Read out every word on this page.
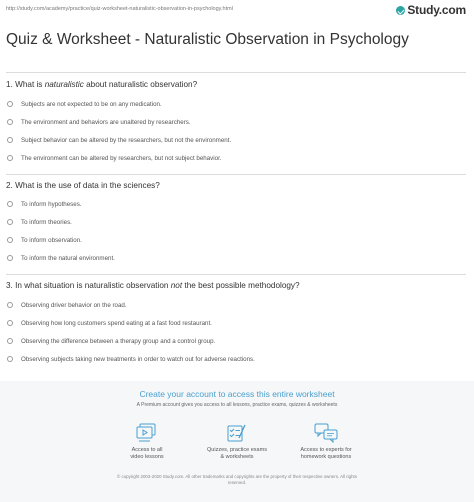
http://study.com/academy/practice/quiz-worksheet-naturalistic-observation-in-psychology.html	Study.com
Quiz & Worksheet - Naturalistic Observation in Psychology

1. What is naturalistic about naturalistic observation?

Subjects are not expected to be on any medication.
The environment and behaviors are unaltered by researchers.
Subject behavior can be altered by the researchers, but not the environment.
The environment can be altered by researchers, but not subject behavior.

2. What is the use of data in the sciences?

To inform hypotheses.
To inform theories.
To inform observation.
To inform the natural environment.

3. In what situation is naturalistic observation not the best possible methodology?

Observing driver behavior on the road.
Observing how long customers spend eating at a fast food restaurant.
Observing the difference between a therapy group and a control group.
Observing subjects taking new treatments in order to watch out for adverse reactions.
Create your account to access this entire worksheet
A Premium account gives you access to all lessons, practice exams, quizzes & worksheets
Access to all
video lessons
Quizzes, practice exams
& worksheets
Access to experts for
homework questions
© copyright 2003-2020 Study.com. All other trademarks and copyrights are the property of their respective owners. All rights
reserved.
